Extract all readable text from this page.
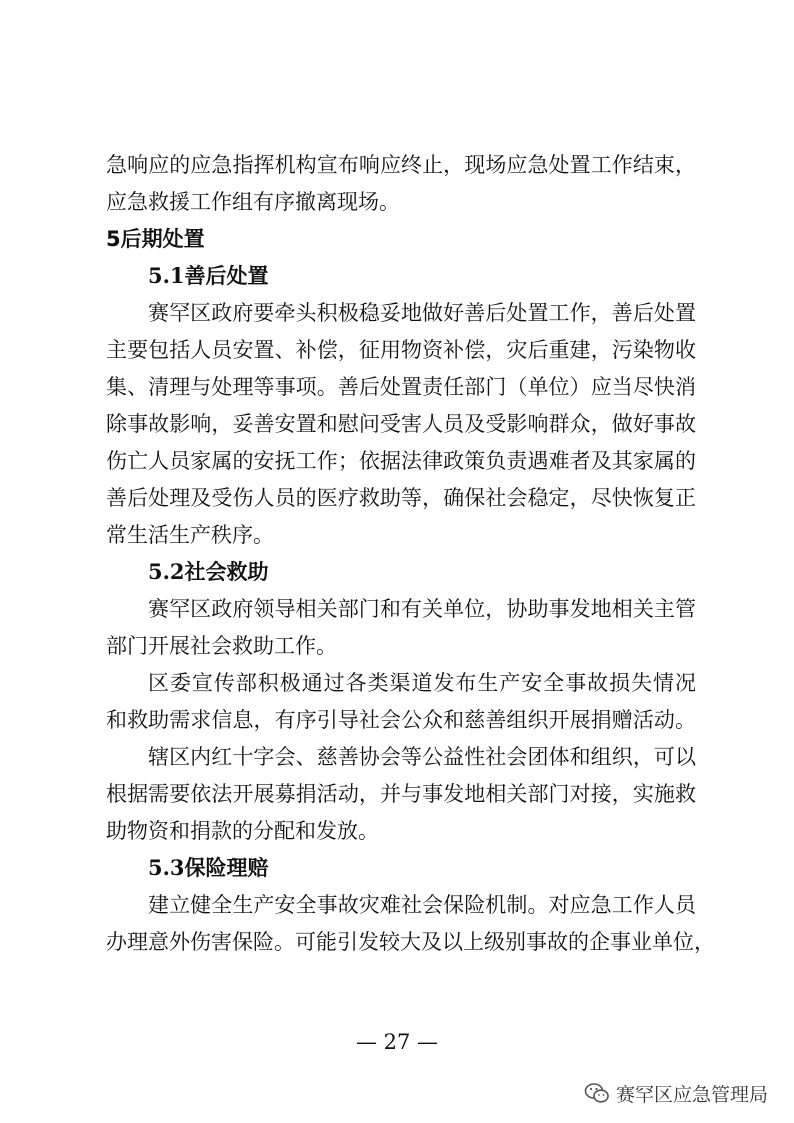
急响应的应急指挥机构宣布响应终止，现场应急处置工作结束，
应急救援工作组有序撤离现场。
5后期处置
5.1善后处置
赛罕区政府要牵头积极稳妥地做好善后处置工作，善后处置
主要包括人员安置、补偿，征用物资补偿，灾后重建，污染物收
集、清理与处理等事项。善后处置责任部门（单位）应当尽快消
除事故影响，妥善安置和慰问受害人员及受影响群众，做好事故
伤亡人员家属的安抚工作；依据法律政策负责遇难者及其家属的
善后处理及受伤人员的医疗救助等，确保社会稳定，尽快恢复正
常生活生产秩序。
5.2社会救助
赛罕区政府领导相关部门和有关单位，协助事发地相关主管
部门开展社会救助工作。
区委宣传部积极通过各类渠道发布生产安全事故损失情况
和救助需求信息，有序引导社会公众和慈善组织开展捐赠活动。
辖区内红十字会、慈善协会等公益性社会团体和组织，可以
根据需要依法开展募捐活动，并与事发地相关部门对接，实施救
助物资和捐款的分配和发放。
5.3保险理赔
建立健全生产安全事故灾难社会保险机制。对应急工作人员
办理意外伤害保险。可能引发较大及以上级别事故的企事业单位，
— 27 —
赛罕区应急管理局
